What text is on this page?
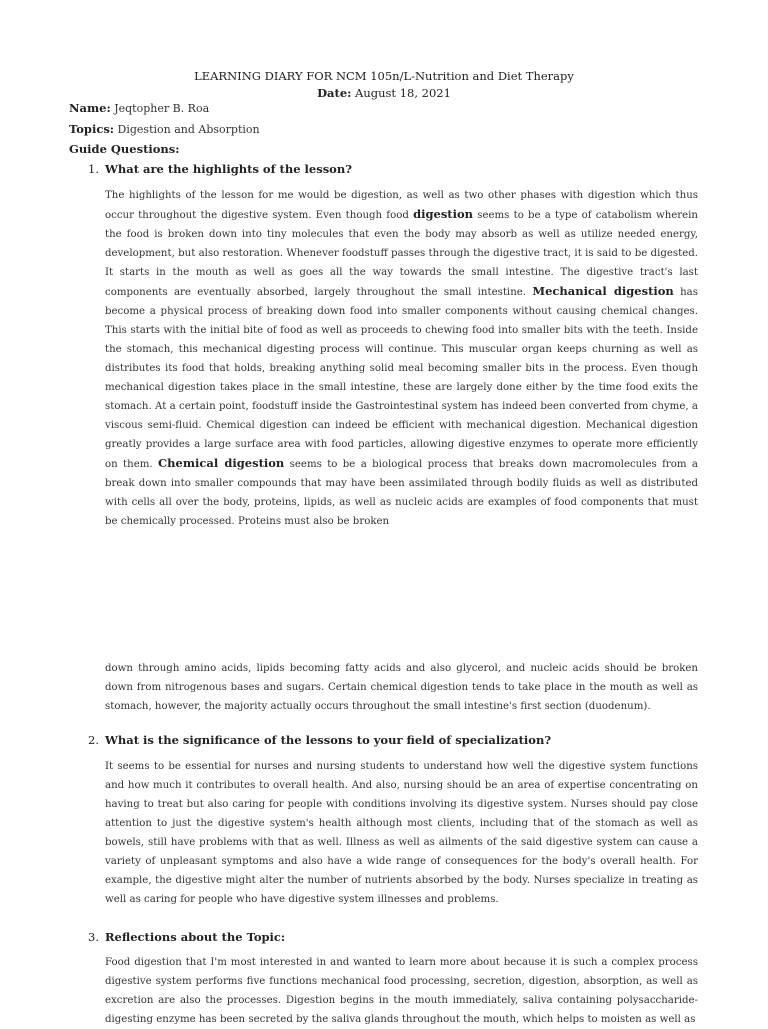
LEARNING DIARY FOR NCM 105n/L-Nutrition and Diet Therapy
Date: August 18, 2021
Name: Jeqtopher B. Roa
Topics: Digestion and Absorption
Guide Questions:
1. What are the highlights of the lesson?

The highlights of the lesson for me would be digestion, as well as two other phases with digestion which thus occur throughout the digestive system. Even though food digestion seems to be a type of catabolism wherein the food is broken down into tiny molecules that even the body may absorb as well as utilize needed energy, development, but also restoration. Whenever foodstuff passes through the digestive tract, it is said to be digested. It starts in the mouth as well as goes all the way towards the small intestine. The digestive tract's last components are eventually absorbed, largely throughout the small intestine. Mechanical digestion has become a physical process of breaking down food into smaller components without causing chemical changes. This starts with the initial bite of food as well as proceeds to chewing food into smaller bits with the teeth. Inside the stomach, this mechanical digesting process will continue. This muscular organ keeps churning as well as distributes its food that holds, breaking anything solid meal becoming smaller bits in the process. Even though mechanical digestion takes place in the small intestine, these are largely done either by the time food exits the stomach. At a certain point, foodstuff inside the Gastrointestinal system has indeed been converted from chyme, a viscous semi-fluid. Chemical digestion can indeed be efficient with mechanical digestion. Mechanical digestion greatly provides a large surface area with food particles, allowing digestive enzymes to operate more efficiently on them. Chemical digestion seems to be a biological process that breaks down macromolecules from a break down into smaller compounds that may have been assimilated through bodily fluids as well as distributed with cells all over the body, proteins, lipids, as well as nucleic acids are examples of food components that must be chemically processed. Proteins must also be broken

down through amino acids, lipids becoming fatty acids and also glycerol, and nucleic acids should be broken down from nitrogenous bases and sugars. Certain chemical digestion tends to take place in the mouth as well as stomach, however, the majority actually occurs throughout the small intestine's first section (duodenum).

2. What is the significance of the lessons to your field of specialization?

It seems to be essential for nurses and nursing students to understand how well the digestive system functions and how much it contributes to overall health. And also, nursing should be an area of expertise concentrating on having to treat but also caring for people with conditions involving its digestive system. Nurses should pay close attention to just the digestive system's health although most clients, including that of the stomach as well as bowels, still have problems with that as well. Illness as well as ailments of the said digestive system can cause a variety of unpleasant symptoms and also have a wide range of consequences for the body's overall health. For example, the digestive might alter the number of nutrients absorbed by the body. Nurses specialize in treating as well as caring for people who have digestive system illnesses and problems.

3. Reflections about the Topic:

Food digestion that I'm most interested in and wanted to learn more about because it is such a complex process digestive system performs five functions mechanical food processing, secretion, digestion, absorption, as well as excretion are also the processes. Digestion begins in the mouth immediately, saliva containing polysaccharide-digesting enzyme has been secreted by the saliva glands throughout the mouth, which helps to moisten as well as
